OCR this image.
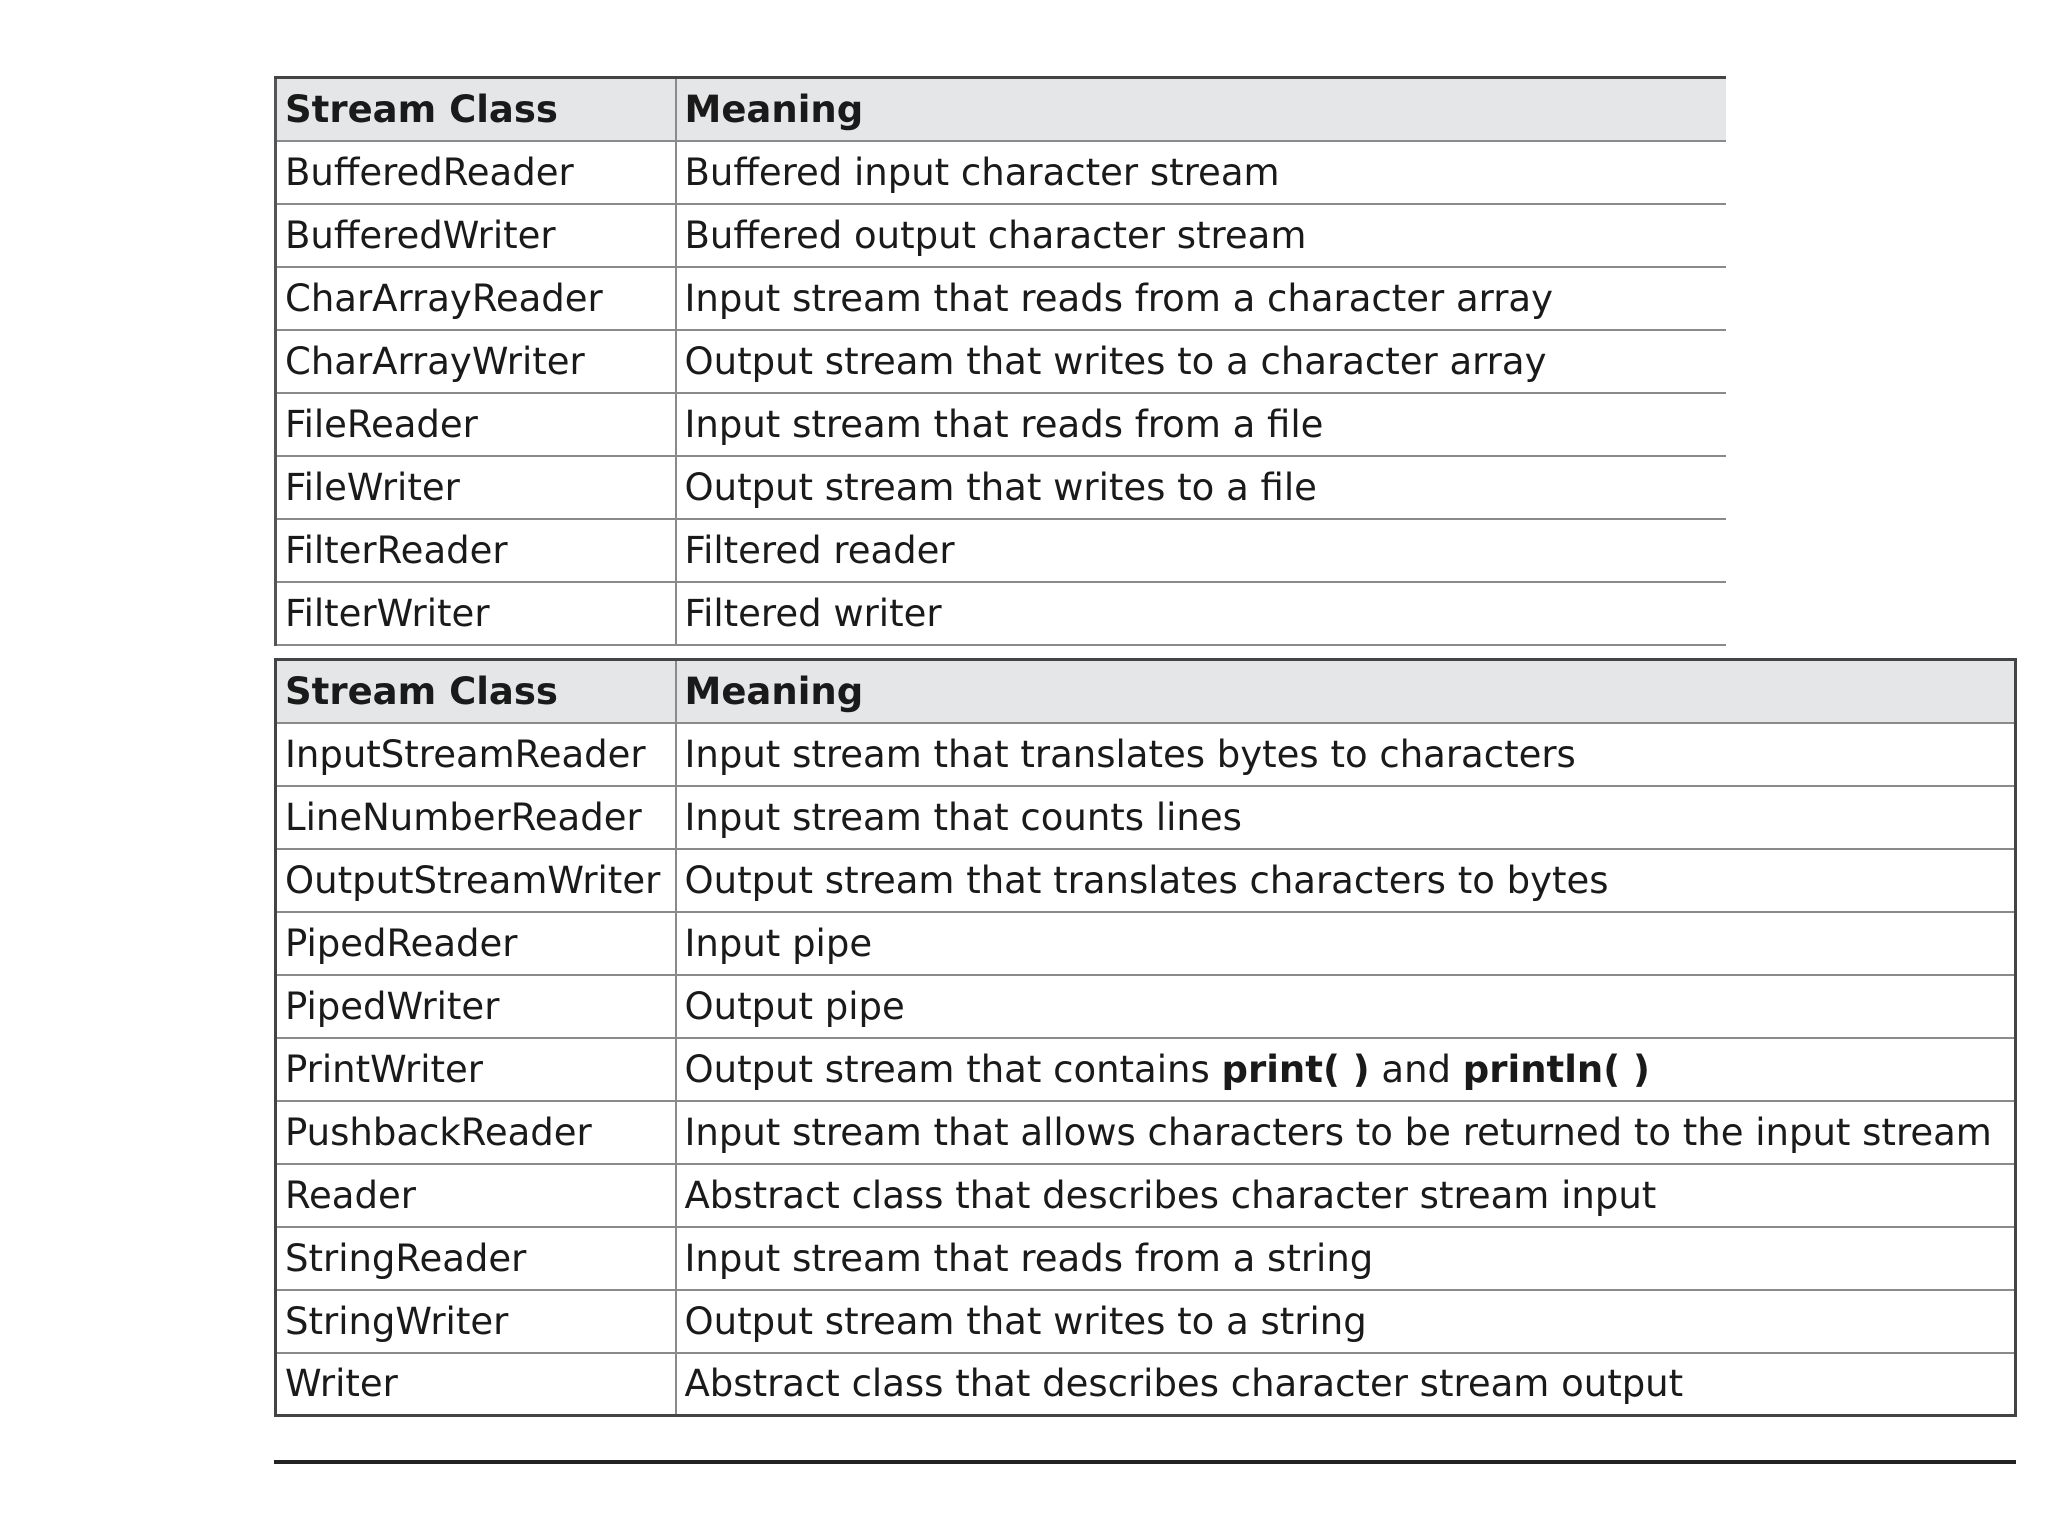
Stream Class	Meaning
BufferedReader	Buffered input character stream
BufferedWriter	Buffered output character stream
CharArrayReader	Input stream that reads from a character array
CharArrayWriter	Output stream that writes to a character array
FileReader	Input stream that reads from a file
FileWriter	Output stream that writes to a file
FilterReader	Filtered reader
FilterWriter	Filtered writer
Stream Class	Meaning
InputStreamReader	Input stream that translates bytes to characters
LineNumberReader	Input stream that counts lines
OutputStreamWriter	Output stream that translates characters to bytes
PipedReader	Input pipe
PipedWriter	Output pipe
PrintWriter	Output stream that contains print( ) and println( )
PushbackReader	Input stream that allows characters to be returned to the input stream
Reader	Abstract class that describes character stream input
StringReader	Input stream that reads from a string
StringWriter	Output stream that writes to a string
Writer	Abstract class that describes character stream output
